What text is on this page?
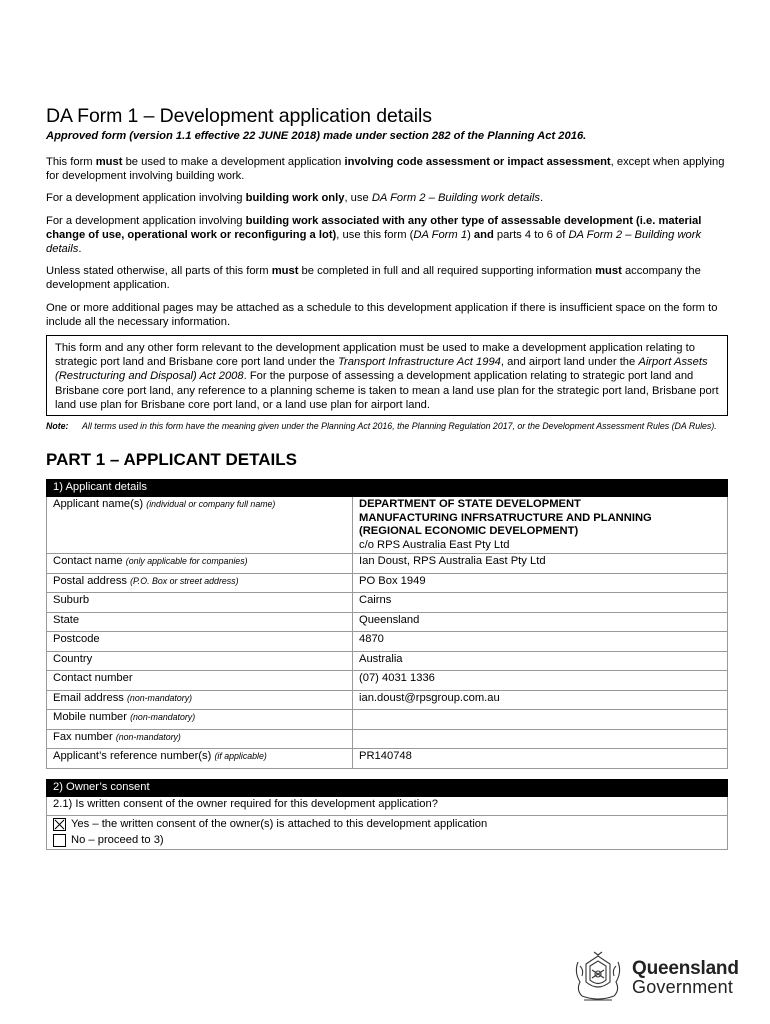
DA Form 1 – Development application details
Approved form (version 1.1 effective 22 JUNE 2018) made under section 282 of the Planning Act 2016.

This form must be used to make a development application involving code assessment or impact assessment, except when applying for development involving building work.

For a development application involving building work only, use DA Form 2 – Building work details.

For a development application involving building work associated with any other type of assessable development (i.e. material change of use, operational work or reconfiguring a lot), use this form (DA Form 1) and parts 4 to 6 of DA Form 2 – Building work details.

Unless stated otherwise, all parts of this form must be completed in full and all required supporting information must accompany the development application.

One or more additional pages may be attached as a schedule to this development application if there is insufficient space on the form to include all the necessary information.

This form and any other form relevant to the development application must be used to make a development application relating to strategic port land and Brisbane core port land under the Transport Infrastructure Act 1994, and airport land under the Airport Assets (Restructuring and Disposal) Act 2008. For the purpose of assessing a development application relating to strategic port land and Brisbane core port land, any reference to a planning scheme is taken to mean a land use plan for the strategic port land, Brisbane port land use plan for Brisbane core port land, or a land use plan for airport land.
Note:	All terms used in this form have the meaning given under the Planning Act 2016, the Planning Regulation 2017, or the Development Assessment Rules (DA Rules).
PART 1 – APPLICANT DETAILS
1) Applicant details	
Applicant name(s) (individual or company full name)	DEPARTMENT OF STATE DEVELOPMENT
MANUFACTURING INFRSATRUCTURE AND PLANNING
(REGIONAL ECONOMIC DEVELOPMENT)
c/o RPS Australia East Pty Ltd
Contact name (only applicable for companies)	Ian Doust, RPS Australia East Pty Ltd
Postal address (P.O. Box or street address)	PO Box 1949
Suburb	Cairns
State	Queensland
Postcode	4870
Country	Australia
Contact number	(07) 4031 1336
Email address (non-mandatory)	ian.doust@rpsgroup.com.au
Mobile number (non-mandatory)	
Fax number (non-mandatory)	
Applicant’s reference number(s) (if applicable)	PR140748
2) Owner’s consent
2.1) Is written consent of the owner required for this development application?

Yes – the written consent of the owner(s) is attached to this development application
No – proceed to 3)
Queensland
Government
